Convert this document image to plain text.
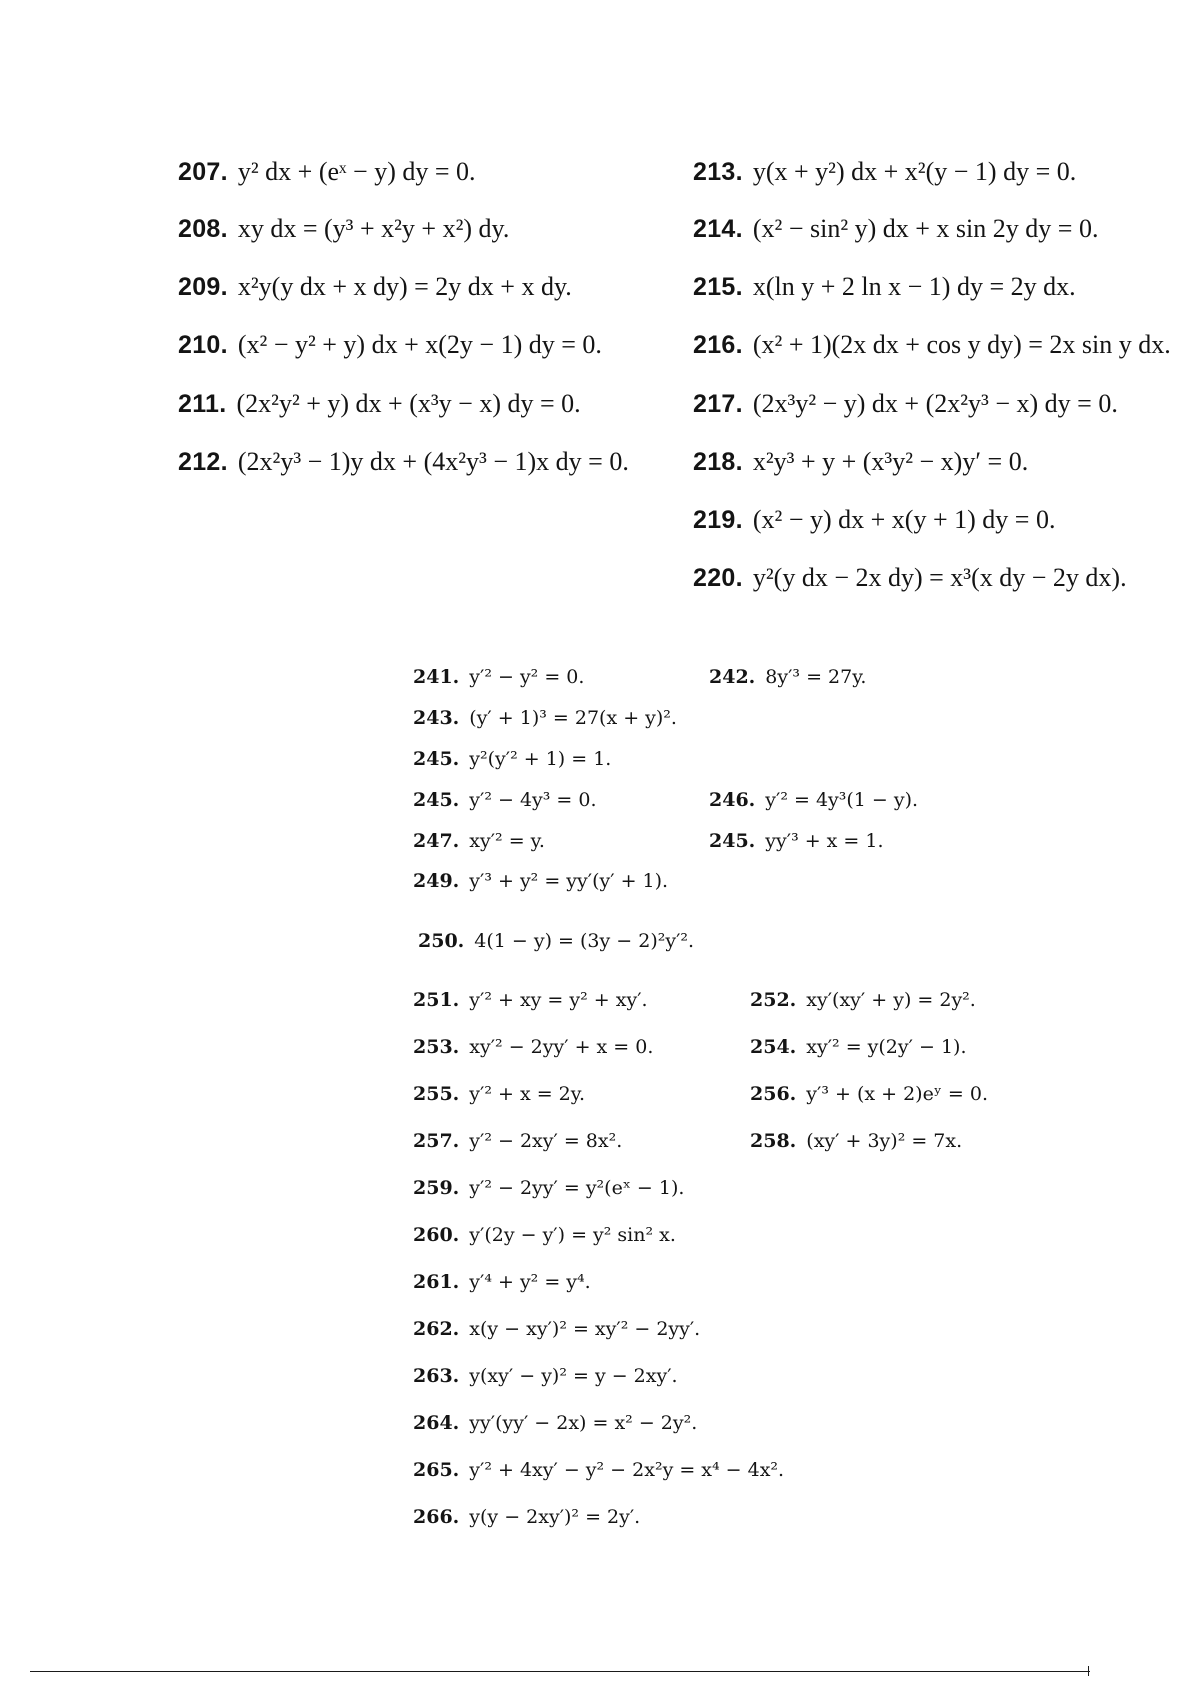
207. y² dx + (eˣ − y) dy = 0.
208. xy dx = (y³ + x²y + x²) dy.
209. x²y(y dx + x dy) = 2y dx + x dy.
210. (x² − y² + y) dx + x(2y − 1) dy = 0.
211. (2x²y² + y) dx + (x³y − x) dy = 0.
212. (2x²y³ − 1)y dx + (4x²y³ − 1)x dy = 0.
213. y(x + y²) dx + x²(y − 1) dy = 0.
214. (x² − sin² y) dx + x sin 2y dy = 0.
215. x(ln y + 2 ln x − 1) dy = 2y dx.
216. (x² + 1)(2x dx + cos y dy) = 2x sin y dx.
217. (2x³y² − y) dx + (2x²y³ − x) dy = 0.
218. x²y³ + y + (x³y² − x)y′ = 0.
219. (x² − y) dx + x(y + 1) dy = 0.
220. y²(y dx − 2x dy) = x³(x dy − 2y dx).
241. y′² − y² = 0.	242. 8y′³ = 27y.
243. (y′ + 1)³ = 27(x + y)².
245. y²(y′² + 1) = 1.
245. y′² − 4y³ = 0.	246. y′² = 4y³(1 − y).
247. xy′² = y.	245. yy′³ + x = 1.
249. y′³ + y² = yy′(y′ + 1).
250. 4(1 − y) = (3y − 2)²y′².
251. y′² + xy = y² + xy′.	252. xy′(xy′ + y) = 2y².
253. xy′² − 2yy′ + x = 0.	254. xy′² = y(2y′ − 1).
255. y′² + x = 2y.	256. y′³ + (x + 2)eʸ = 0.
257. y′² − 2xy′ = 8x².	258. (xy′ + 3y)² = 7x.
259. y′² − 2yy′ = y²(eˣ − 1).
260. y′(2y − y′) = y² sin² x.
261. y′⁴ + y² = y⁴.
262. x(y − xy′)² = xy′² − 2yy′.
263. y(xy′ − y)² = y − 2xy′.
264. yy′(yy′ − 2x) = x² − 2y².
265. y′² + 4xy′ − y² − 2x²y = x⁴ − 4x².
266. y(y − 2xy′)² = 2y′.
